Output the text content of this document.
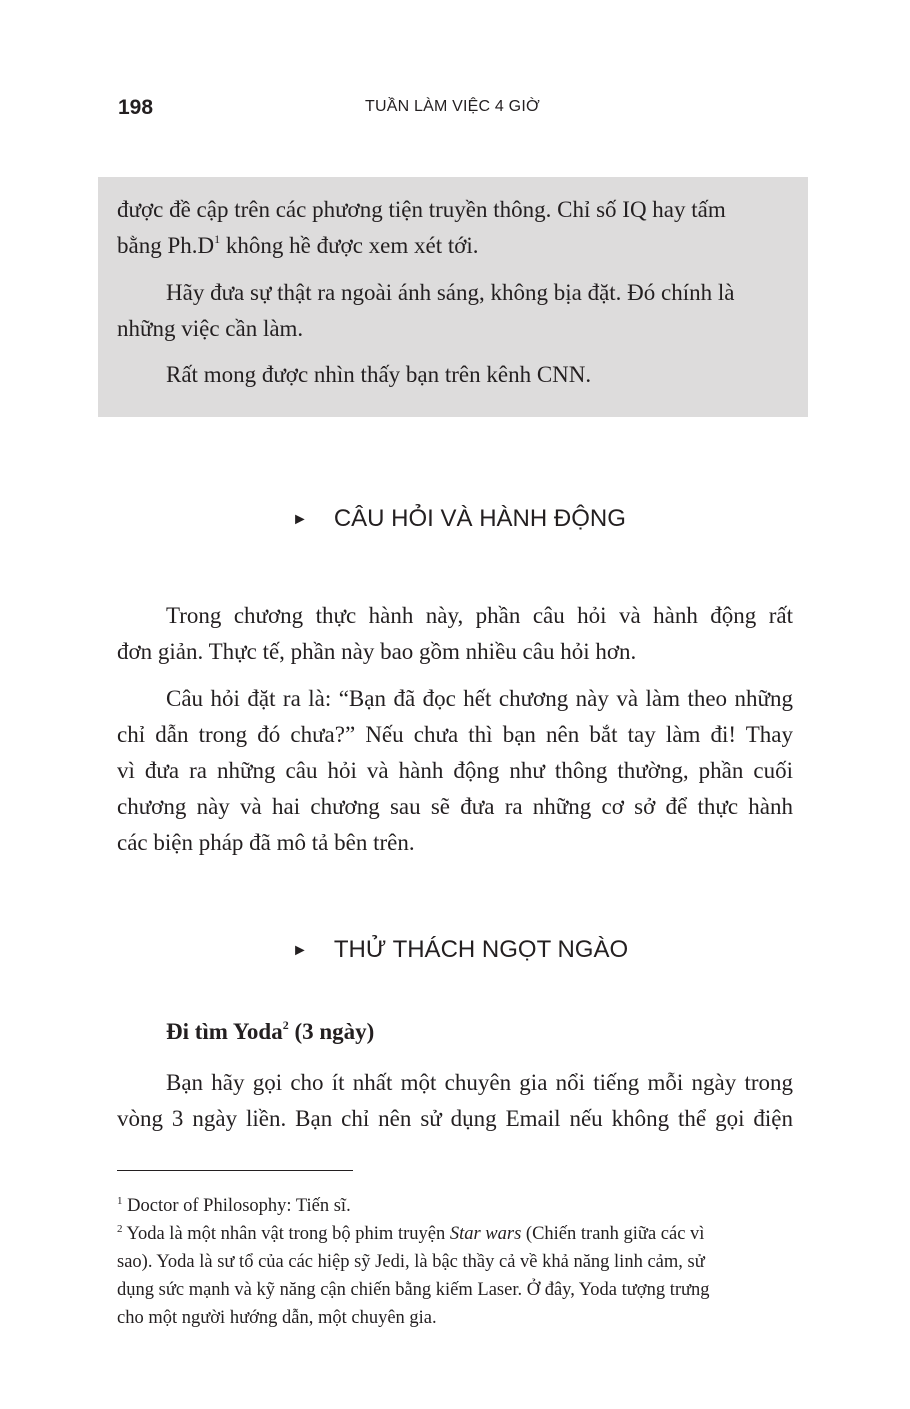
198	TUẦN LÀM VIỆC 4 GIỜ
được đề cập trên các phương tiện truyền thông. Chỉ số IQ hay tấm
bằng Ph.D$^1$ không hề được xem xét tới.
Hãy đưa sự thật ra ngoài ánh sáng, không bịa đặt. Đó chính là
những việc cần làm.
Rất mong được nhìn thấy bạn trên kênh CNN.
► CÂU HỎI VÀ HÀNH ĐỘNG
Trong chương thực hành này, phần câu hỏi và hành động rất
đơn giản. Thực tế, phần này bao gồm nhiều câu hỏi hơn.
Câu hỏi đặt ra là: “Bạn đã đọc hết chương này và làm theo những
chỉ dẫn trong đó chưa?” Nếu chưa thì bạn nên bắt tay làm đi! Thay
vì đưa ra những câu hỏi và hành động như thông thường, phần cuối
chương này và hai chương sau sẽ đưa ra những cơ sở để thực hành
các biện pháp đã mô tả bên trên.
► THỬ THÁCH NGỌT NGÀO
Đi tìm Yoda$^2$ (3 ngày)
Bạn hãy gọi cho ít nhất một chuyên gia nổi tiếng mỗi ngày trong
vòng 3 ngày liền. Bạn chỉ nên sử dụng Email nếu không thể gọi điện
$^1$ Doctor of Philosophy: Tiến sĩ.
$^2$ Yoda là một nhân vật trong bộ phim truyện Star wars (Chiến tranh giữa các vì
sao). Yoda là sư tổ của các hiệp sỹ Jedi, là bậc thầy cả về khả năng linh cảm, sử
dụng sức mạnh và kỹ năng cận chiến bằng kiếm Laser. Ở đây, Yoda tượng trưng
cho một người hướng dẫn, một chuyên gia.
